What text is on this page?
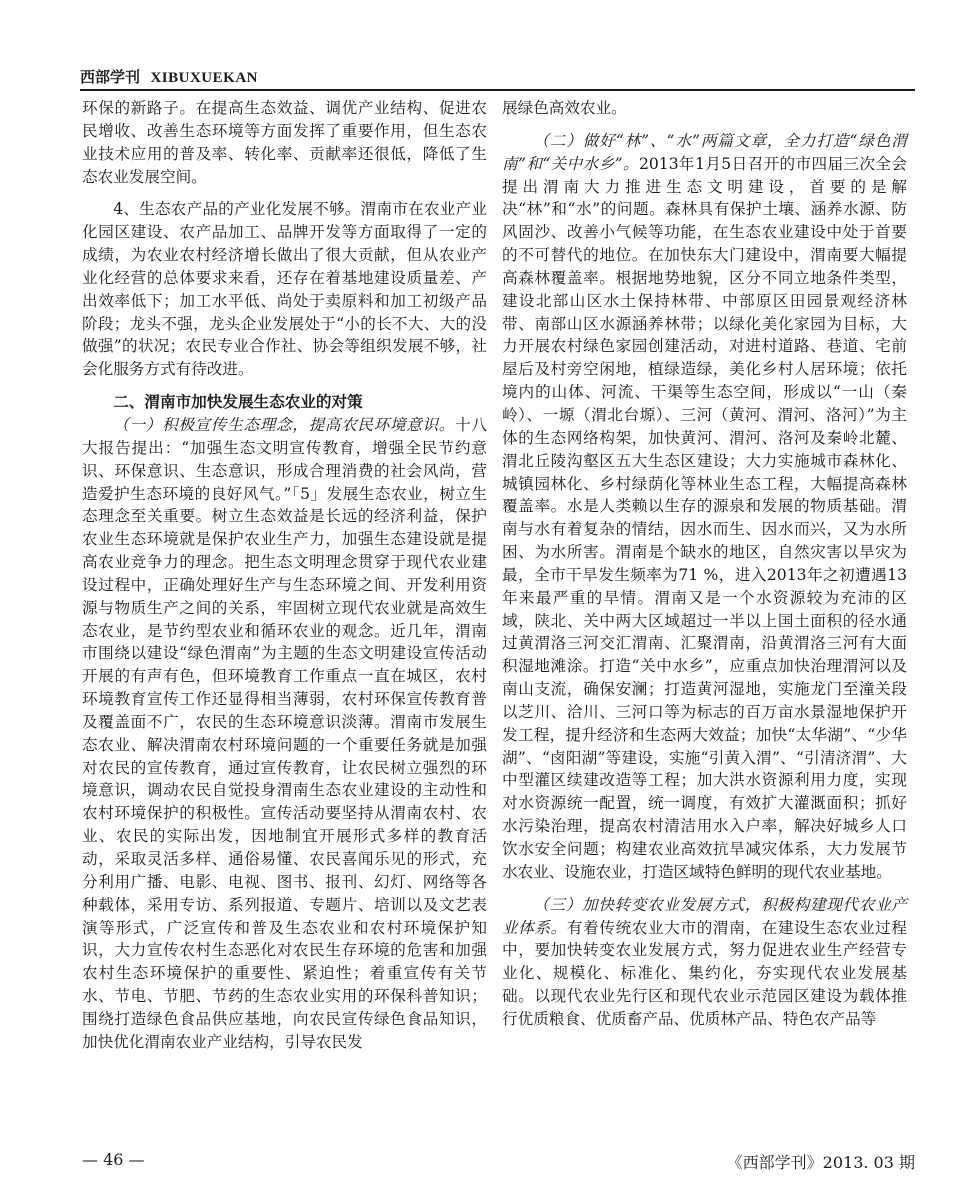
西部学刊 XIBUXUEKAN

环保的新路子。在提高生态效益、调优产业结构、促进农民增收、改善生态环境等方面发挥了重要作用，但生态农业技术应用的普及率、转化率、贡献率还很低，降低了生态农业发展空间。

4、生态农产品的产业化发展不够。渭南市在农业产业化园区建设、农产品加工、品牌开发等方面取得了一定的成绩，为农业农村经济增长做出了很大贡献，但从农业产业化经营的总体要求来看，还存在着基地建设质量差、产出效率低下；加工水平低、尚处于卖原料和加工初级产品阶段；龙头不强，龙头企业发展处于“小的长不大、大的没做强”的状况；农民专业合作社、协会等组织发展不够，社会化服务方式有待改进。

二、渭南市加快发展生态农业的对策

（一）积极宣传生态理念，提高农民环境意识。十八大报告提出：“加强生态文明宣传教育，增强全民节约意识、环保意识、生态意识，形成合理消费的社会风尚，营造爱护生态环境的良好风气。”「5」发展生态农业，树立生态理念至关重要。树立生态效益是长远的经济利益，保护农业生态环境就是保护农业生产力，加强生态建设就是提高农业竞争力的理念。把生态文明理念贯穿于现代农业建设过程中，正确处理好生产与生态环境之间、开发利用资源与物质生产之间的关系，牢固树立现代农业就是高效生态农业，是节约型农业和循环农业的观念。近几年，渭南市围绕以建设“绿色渭南”为主题的生态文明建设宣传活动开展的有声有色，但环境教育工作重点一直在城区，农村环境教育宣传工作还显得相当薄弱，农村环保宣传教育普及覆盖面不广，农民的生态环境意识淡薄。渭南市发展生态农业、解决渭南农村环境问题的一个重要任务就是加强对农民的宣传教育，通过宣传教育，让农民树立强烈的环境意识，调动农民自觉投身渭南生态农业建设的主动性和农村环境保护的积极性。宣传活动要坚持从渭南农村、农业、农民的实际出发，因地制宜开展形式多样的教育活动，采取灵活多样、通俗易懂、农民喜闻乐见的形式，充分利用广播、电影、电视、图书、报刊、幻灯、网络等各种载体，采用专访、系列报道、专题片、培训以及文艺表演等形式，广泛宣传和普及生态农业和农村环境保护知识，大力宣传农村生态恶化对农民生存环境的危害和加强农村生态环境保护的重要性、紧迫性；着重宣传有关节水、节电、节肥、节药的生态农业实用的环保科普知识；围绕打造绿色食品供应基地，向农民宣传绿色食品知识，加快优化渭南农业产业结构，引导农民发

展绿色高效农业。

（二）做好“林”、“水”两篇文章，全力打造“绿色渭南”和“关中水乡”。2013年1月5日召开的市四届三次全会提出渭南大力推进生态文明建设，首要的是解决“林”和“水”的问题。森林具有保护土壤、涵养水源、防风固沙、改善小气候等功能，在生态农业建设中处于首要的不可替代的地位。在加快东大门建设中，渭南要大幅提高森林覆盖率。根据地势地貌，区分不同立地条件类型，建设北部山区水土保持林带、中部原区田园景观经济林带、南部山区水源涵养林带；以绿化美化家园为目标，大力开展农村绿色家园创建活动，对进村道路、巷道、宅前屋后及村旁空闲地，植绿造绿，美化乡村人居环境；依托境内的山体、河流、干渠等生态空间，形成以“一山（秦岭）、一塬（渭北台塬）、三河（黄河、渭河、洛河）”为主体的生态网络构架，加快黄河、渭河、洛河及秦岭北麓、渭北丘陵沟壑区五大生态区建设；大力实施城市森林化、城镇园林化、乡村绿荫化等林业生态工程，大幅提高森林覆盖率。水是人类赖以生存的源泉和发展的物质基础。渭南与水有着复杂的情结，因水而生、因水而兴，又为水所困、为水所害。渭南是个缺水的地区，自然灾害以旱灾为最，全市干旱发生频率为71 %，进入2013年之初遭遇13年来最严重的旱情。渭南又是一个水资源较为充沛的区域，陕北、关中两大区域超过一半以上国土面积的径水通过黄渭洛三河交汇渭南、汇聚渭南，沿黄渭洛三河有大面积湿地滩涂。打造“关中水乡”，应重点加快治理渭河以及南山支流，确保安澜；打造黄河湿地，实施龙门至潼关段以芝川、洽川、三河口等为标志的百万亩水景湿地保护开发工程，提升经济和生态两大效益；加快“太华湖”、“少华湖”、“卤阳湖”等建设，实施“引黄入渭”、“引清济渭”、大中型灌区续建改造等工程；加大洪水资源利用力度，实现对水资源统一配置，统一调度，有效扩大灌溉面积；抓好水污染治理，提高农村清洁用水入户率，解决好城乡人口饮水安全问题；构建农业高效抗旱减灾体系，大力发展节水农业、设施农业，打造区域特色鲜明的现代农业基地。

（三）加快转变农业发展方式，积极构建现代农业产业体系。有着传统农业大市的渭南，在建设生态农业过程中，要加快转变农业发展方式，努力促进农业生产经营专业化、规模化、标准化、集约化，夯实现代农业发展基础。以现代农业先行区和现代农业示范园区建设为载体推行优质粮食、优质畜产品、优质林产品、特色农产品等

— 46 —	《西部学刊》2013. 03 期
